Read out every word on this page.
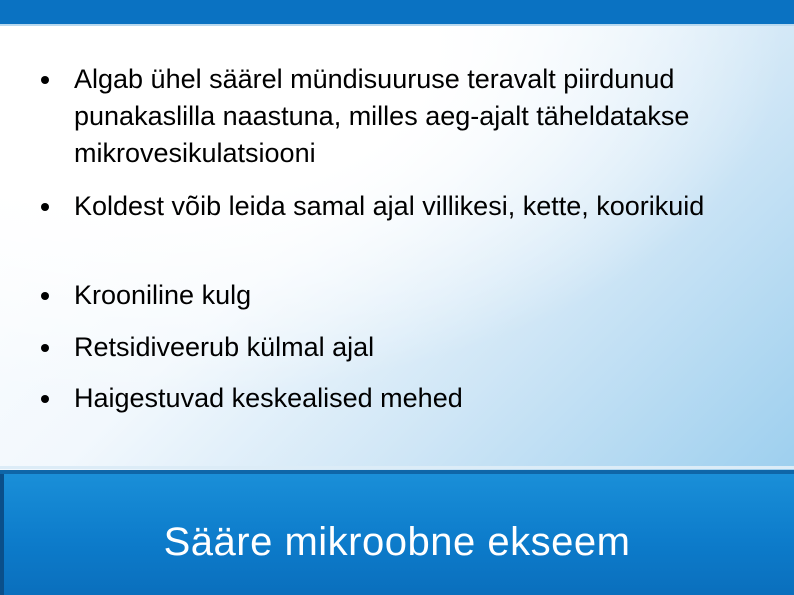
Algab ühel säärel mündisuuruse teravalt piirdunud punakaslilla naastuna, milles aeg-ajalt täheldatakse mikrovesikulatsiooni

Koldest võib leida samal ajal villikesi, kette, koorikuid

Krooniline kulg

Retsidiveerub külmal ajal

Haigestuvad keskealised mehed

Sääre mikroobne ekseem
